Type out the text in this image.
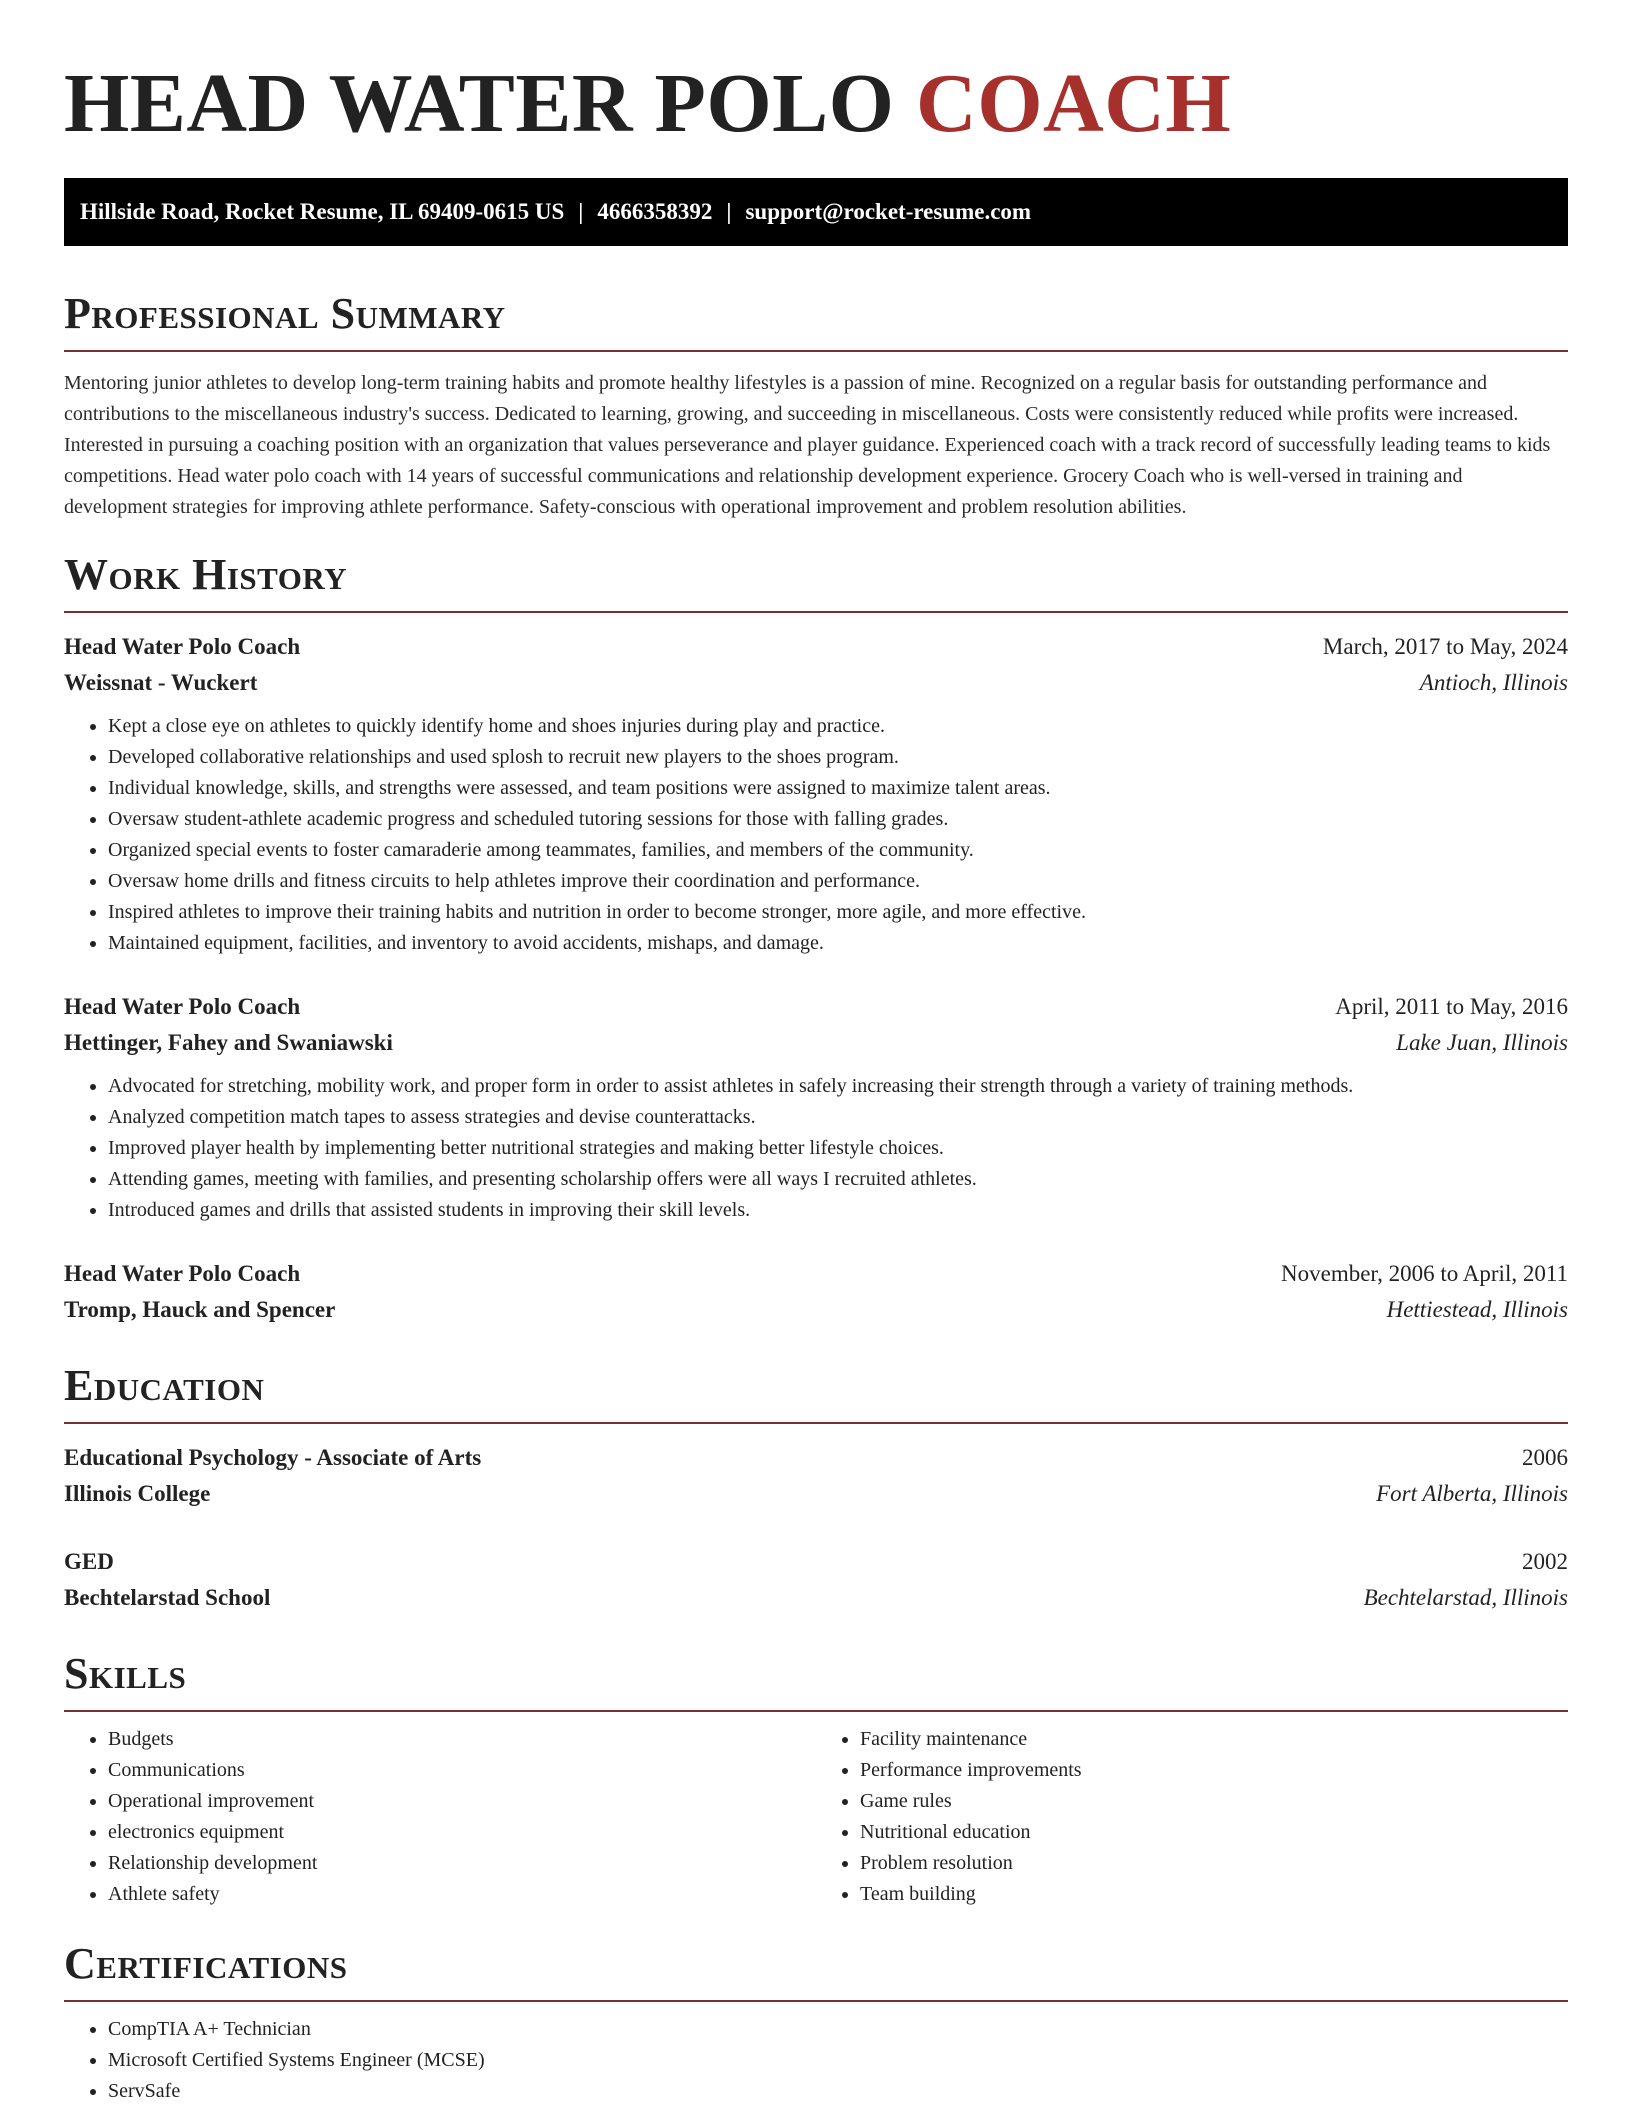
HEAD WATER POLO COACH
Hillside Road, Rocket Resume, IL 69409-0615 US | 4666358392 | support@rocket-resume.com
Professional Summary

Mentoring junior athletes to develop long-term training habits and promote healthy lifestyles is a passion of mine. Recognized on a regular basis for outstanding performance and contributions to the miscellaneous industry's success. Dedicated to learning, growing, and succeeding in miscellaneous. Costs were consistently reduced while profits were increased. Interested in pursuing a coaching position with an organization that values perseverance and player guidance. Experienced coach with a track record of successfully leading teams to kids competitions. Head water polo coach with 14 years of successful communications and relationship development experience. Grocery Coach who is well-versed in training and development strategies for improving athlete performance. Safety-conscious with operational improvement and problem resolution abilities.

Work History
Head Water Polo Coach	March, 2017 to May, 2024
Weissnat - Wuckert	Antioch, Illinois
• Kept a close eye on athletes to quickly identify home and shoes injuries during play and practice.
• Developed collaborative relationships and used splosh to recruit new players to the shoes program.
• Individual knowledge, skills, and strengths were assessed, and team positions were assigned to maximize talent areas.
• Oversaw student-athlete academic progress and scheduled tutoring sessions for those with falling grades.
• Organized special events to foster camaraderie among teammates, families, and members of the community.
• Oversaw home drills and fitness circuits to help athletes improve their coordination and performance.
• Inspired athletes to improve their training habits and nutrition in order to become stronger, more agile, and more effective.
• Maintained equipment, facilities, and inventory to avoid accidents, mishaps, and damage.
Head Water Polo Coach	April, 2011 to May, 2016
Hettinger, Fahey and Swaniawski	Lake Juan, Illinois
• Advocated for stretching, mobility work, and proper form in order to assist athletes in safely increasing their strength through a variety of training methods.
• Analyzed competition match tapes to assess strategies and devise counterattacks.
• Improved player health by implementing better nutritional strategies and making better lifestyle choices.
• Attending games, meeting with families, and presenting scholarship offers were all ways I recruited athletes.
• Introduced games and drills that assisted students in improving their skill levels.
Head Water Polo Coach	November, 2006 to April, 2011
Tromp, Hauck and Spencer	Hettiestead, Illinois
Education
Educational Psychology - Associate of Arts	2006
Illinois College	Fort Alberta, Illinois
GED	2002
Bechtelarstad School	Bechtelarstad, Illinois
Skills
• Budgets
• Communications
• Operational improvement
• electronics equipment
• Relationship development
• Athlete safety
• Facility maintenance
• Performance improvements
• Game rules
• Nutritional education
• Problem resolution
• Team building
Certifications
• CompTIA A+ Technician
• Microsoft Certified Systems Engineer (MCSE)
• ServSafe
